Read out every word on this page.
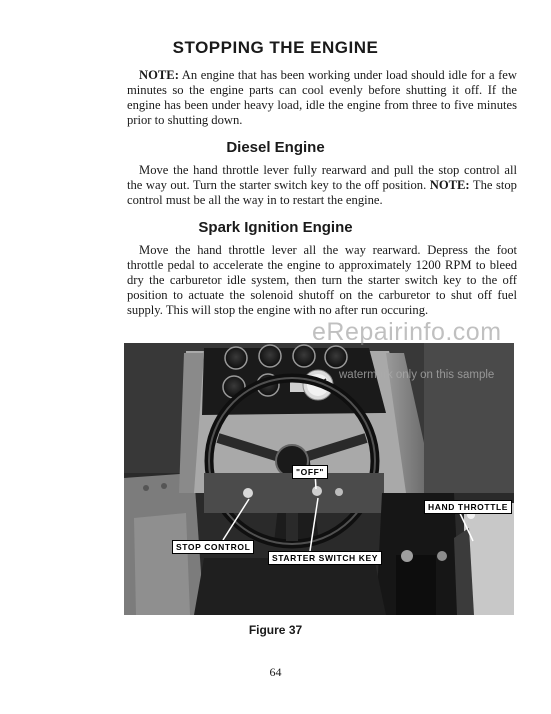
STOPPING THE ENGINE

NOTE: An engine that has been working under load should idle for a few minutes so the engine parts can cool evenly before shutting it off. If the engine has been under heavy load, idle the engine from three to five minutes prior to shutting down.

Diesel Engine

Move the hand throttle lever fully rearward and pull the stop control all the way out. Turn the starter switch key to the off position. NOTE: The stop control must be all the way in to restart the engine.

Spark Ignition Engine

Move the hand throttle lever all the way rearward. Depress the foot throttle pedal to accelerate the engine to approximately 1200 RPM to bleed dry the carburetor idle system, then turn the starter switch key to the off position to actuate the solenoid shutoff on the carburetor to shut off fuel supply. This will stop the engine with no after run occuring.

"OFF"
HAND THROTTLE
STOP CONTROL
STARTER SWITCH KEY
eRepairinfo.com
watermark only on this sample

Figure 37

64
